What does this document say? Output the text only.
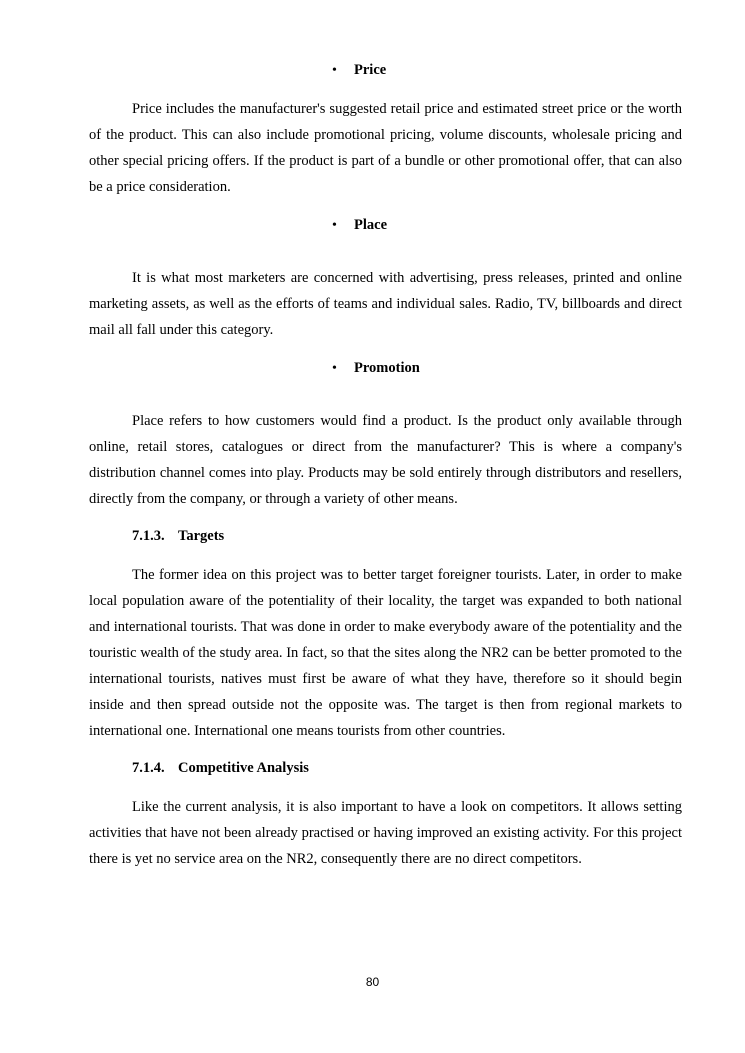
•	Price

Price includes the manufacturer's suggested retail price and estimated street price or the worth of the product. This can also include promotional pricing, volume discounts, wholesale pricing and other special pricing offers. If the product is part of a bundle or other promotional offer, that can also be a price consideration.

•	Place

It is what most marketers are concerned with advertising, press releases, printed and online marketing assets, as well as the efforts of teams and individual sales. Radio, TV, billboards and direct mail all fall under this category.

•	Promotion

Place refers to how customers would find a product. Is the product only available through online, retail stores, catalogues or direct from the manufacturer? This is where a company's distribution channel comes into play. Products may be sold entirely through distributors and resellers, directly from the company, or through a variety of other means.

7.1.3. Targets

The former idea on this project was to better target foreigner tourists. Later, in order to make local population aware of the potentiality of their locality, the target was expanded to both national and international tourists. That was done in order to make everybody aware of the potentiality and the touristic wealth of the study area. In fact, so that the sites along the NR2 can be better promoted to the international tourists, natives must first be aware of what they have, therefore so it should begin inside and then spread outside not the opposite was. The target is then from regional markets to international one. International one means tourists from other countries.

7.1.4. Competitive Analysis

Like the current analysis, it is also important to have a look on competitors. It allows setting activities that have not been already practised or having improved an existing activity. For this project there is yet no service area on the NR2, consequently there are no direct competitors.

80
